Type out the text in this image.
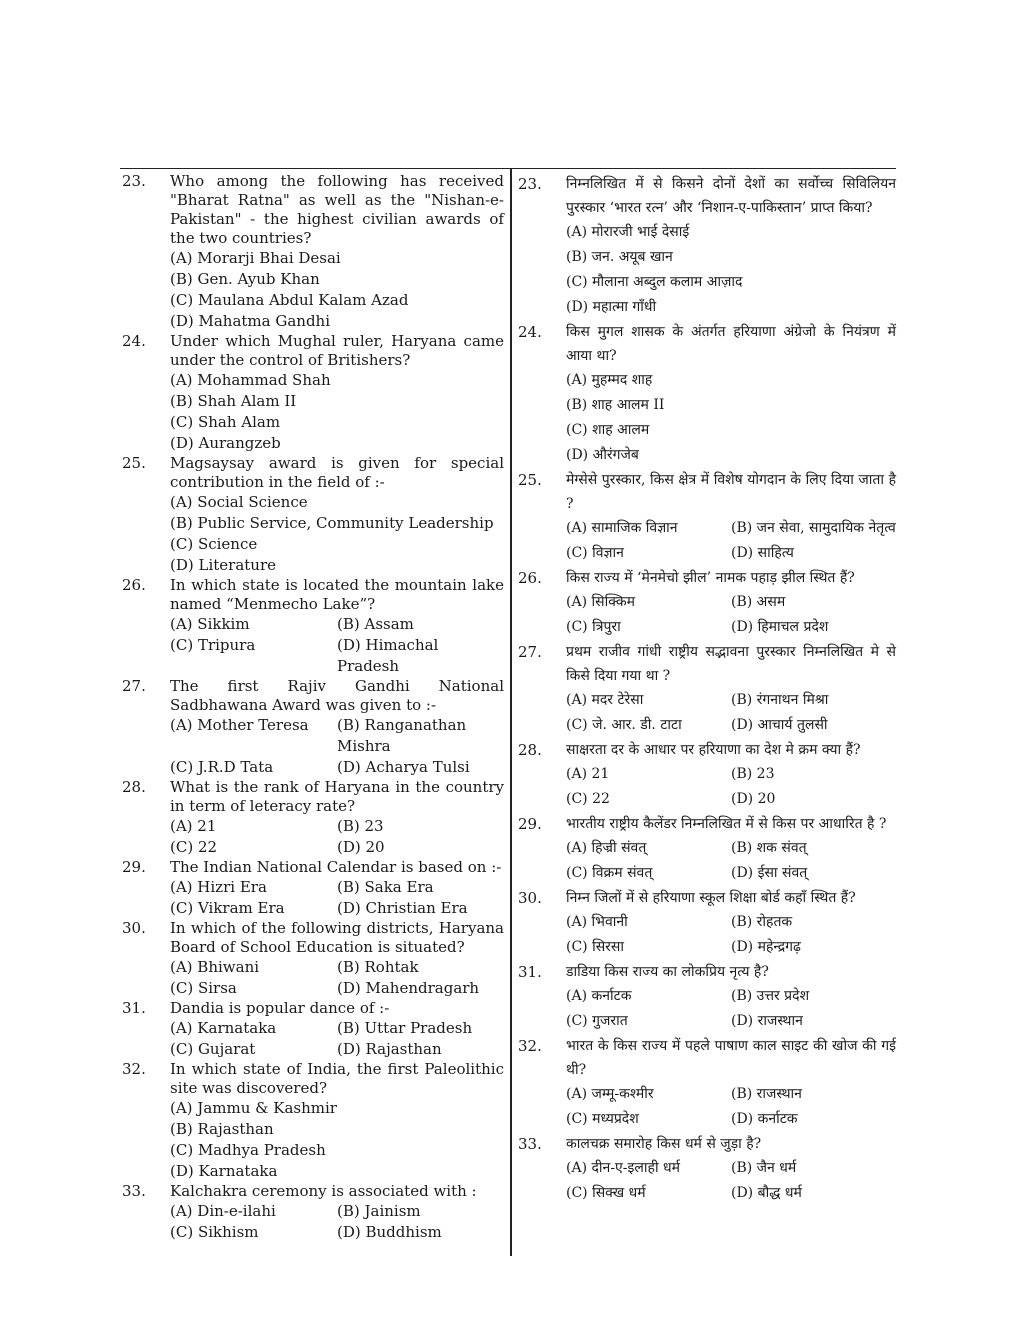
23.	Who among the following has received "Bharat Ratna" as well as the "Nishan-e-Pakistan" - the highest civilian awards of the two countries?
(A) Morarji Bhai Desai
(B) Gen. Ayub Khan
(C) Maulana Abdul Kalam Azad
(D) Mahatma Gandhi
24.	Under which Mughal ruler, Haryana came under the control of Britishers?
(A) Mohammad Shah
(B) Shah Alam II
(C) Shah Alam
(D) Aurangzeb
25.	Magsaysay award is given for special contribution in the field of :-
(A) Social Science
(B) Public Service, Community Leadership
(C) Science
(D) Literature
26.	In which state is located the mountain lake named “Menmecho Lake”?
(A) Sikkim	(B) Assam
(C) Tripura	(D) Himachal Pradesh
27.	The first Rajiv Gandhi National Sadbhawana Award was given to :-
(A) Mother Teresa	(B) Ranganathan Mishra
(C) J.R.D Tata	(D) Acharya Tulsi
28.	What is the rank of Haryana in the country in term of leteracy rate?
(A) 21	(B) 23
(C) 22	(D) 20
29.	The Indian National Calendar is based on :-
(A) Hizri Era	(B) Saka Era
(C) Vikram Era	(D) Christian Era
30.	In which of the following districts, Haryana Board of School Education is situated?
(A) Bhiwani	(B) Rohtak
(C) Sirsa	(D) Mahendragarh
31.	Dandia is popular dance of :-
(A) Karnataka	(B) Uttar Pradesh
(C) Gujarat	(D) Rajasthan
32.	In which state of India, the first Paleolithic site was discovered?
(A) Jammu & Kashmir
(B) Rajasthan
(C) Madhya Pradesh
(D) Karnataka
33.	Kalchakra ceremony is associated with :
(A) Din-e-ilahi	(B) Jainism
(C) Sikhism	(D) Buddhism
23.	निम्नलिखित में से किसने दोनों देशों का सर्वोच्च सिविलियन पुरस्कार ‘भारत रत्न’ और ‘निशान-ए-पाकिस्तान’ प्राप्त किया?
(A) मोरारजी भाई देसाई
(B) जन. अयूब खान
(C) मौलाना अब्दुल कलाम आज़ाद
(D) महात्मा गाँधी
24.	किस मुगल शासक के अंतर्गत हरियाणा अंग्रेजो के नियंत्रण में आया था?
(A) मुहम्मद शाह
(B) शाह आलम II
(C) शाह आलम
(D) औरंगजेब
25.	मेग्सेसे पुरस्कार, किस क्षेत्र में विशेष योगदान के लिए दिया जाता है ?
(A) सामाजिक विज्ञान	(B) जन सेवा, सामुदायिक नेतृत्व
(C) विज्ञान	(D) साहित्य
26.	किस राज्य में ‘मेनमेचो झील’ नामक पहाड़ झील स्थित हैं?
(A) सिक्किम	(B) असम
(C) त्रिपुरा	(D) हिमाचल प्रदेश
27.	प्रथम राजीव गांधी राष्ट्रीय सद्भावना पुरस्कार निम्नलिखित मे से किसे दिया गया था ?
(A) मदर टेरेसा	(B) रंगनाथन मिश्रा
(C) जे. आर. डी. टाटा	(D) आचार्य तुलसी
28.	साक्षरता दर के आधार पर हरियाणा का देश मे क्रम क्या हैं?
(A) 21	(B) 23
(C) 22	(D) 20
29.	भारतीय राष्ट्रीय कैलेंडर निम्नलिखित में से किस पर आधारित है ?
(A) हिज्री संवत्	(B) शक संवत्
(C) विक्रम संवत्	(D) ईसा संवत्
30.	निम्न जिलों में से हरियाणा स्कूल शिक्षा बोर्ड कहाँ स्थित हैं?
(A) भिवानी	(B) रोहतक
(C) सिरसा	(D) महेन्द्रगढ़
31.	डाडिया किस राज्य का लोकप्रिय नृत्य है?
(A) कर्नाटक	(B) उत्तर प्रदेश
(C) गुजरात	(D) राजस्थान
32.	भारत के किस राज्य में पहले पाषाण काल साइट की खोज की गई थी?
(A) जम्मू-कश्मीर	(B) राजस्थान
(C) मध्यप्रदेश	(D) कर्नाटक
33.	कालचक्र समारोह किस धर्म से जुड़ा है?
(A) दीन-ए-इलाही धर्म	(B) जैन धर्म
(C) सिक्ख धर्म	(D) बौद्ध धर्म
